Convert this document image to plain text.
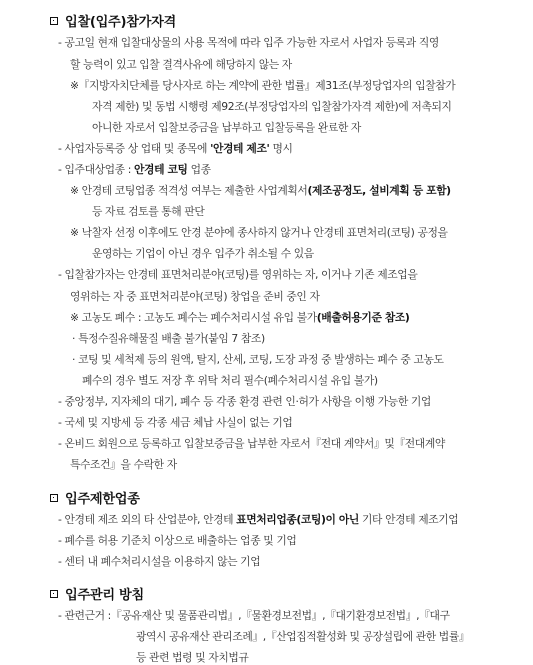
입찰(입주)참가자격
- 공고일 현재 입찰대상물의 사용 목적에 따라 입주 가능한 자로서 사업자 등록과 직영
할 능력이 있고 입찰 결격사유에 해당하지 않는 자
※『지방자치단체를 당사자로 하는 계약에 관한 법률』제31조(부정당업자의 입찰참가
자격 제한) 및 동법 시행령 제92조(부정당업자의 입찰참가자격 제한)에 저촉되지
아니한 자로서 입찰보증금을 납부하고 입찰등록을 완료한 자
- 사업자등록증 상 업태 및 종목에 '안경테 제조' 명시
- 입주대상업종 : 안경테 코팅 업종
※ 안경테 코팅업종 적격성 여부는 제출한 사업계획서(제조공정도, 설비계획 등 포함)
등 자료 검토를 통해 판단
※ 낙찰자 선정 이후에도 안경 분야에 종사하지 않거나 안경테 표면처리(코팅) 공정을
운영하는 기업이 아닌 경우 입주가 취소될 수 있음
- 입찰참가자는 안경테 표면처리분야(코팅)를 영위하는 자, 이거나 기존 제조업을
영위하는 자 중 표면처리분야(코팅) 창업을 준비 중인 자
※ 고농도 폐수 : 고농도 폐수는 폐수처리시설 유입 불가(배출허용기준 참조)
· 특정수질유해물질 배출 불가(붙임 7 참조)
· 코팅 및 세척제 등의 원액, 탈지, 산세, 코팅, 도장 과정 중 발생하는 폐수 중 고농도
폐수의 경우 별도 저장 후 위탁 처리 필수(폐수처리시설 유입 불가)
- 중앙정부, 지자체의 대기, 폐수 등 각종 환경 관련 인·허가 사항을 이행 가능한 기업
- 국세 및 지방세 등 각종 세금 체납 사실이 없는 기업
- 온비드 회원으로 등록하고 입찰보증금을 납부한 자로서『전대 계약서』및『전대계약
특수조건』을 수락한 자
입주제한업종
- 안경테 제조 외의 타 산업분야, 안경테 표면처리업종(코팅)이 아닌 기타 안경테 제조기업
- 폐수를 허용 기준치 이상으로 배출하는 업종 및 기업
- 센터 내 폐수처리시설을 이용하지 않는 기업
입주관리 방침
- 관련근거 :『공유재산 및 물품관리법』,『물환경보전법』,『대기환경보전법』,『대구
광역시 공유재산 관리조례』,『산업집적활성화 및 공장설립에 관한 법률』
등 관련 법령 및 자치법규
